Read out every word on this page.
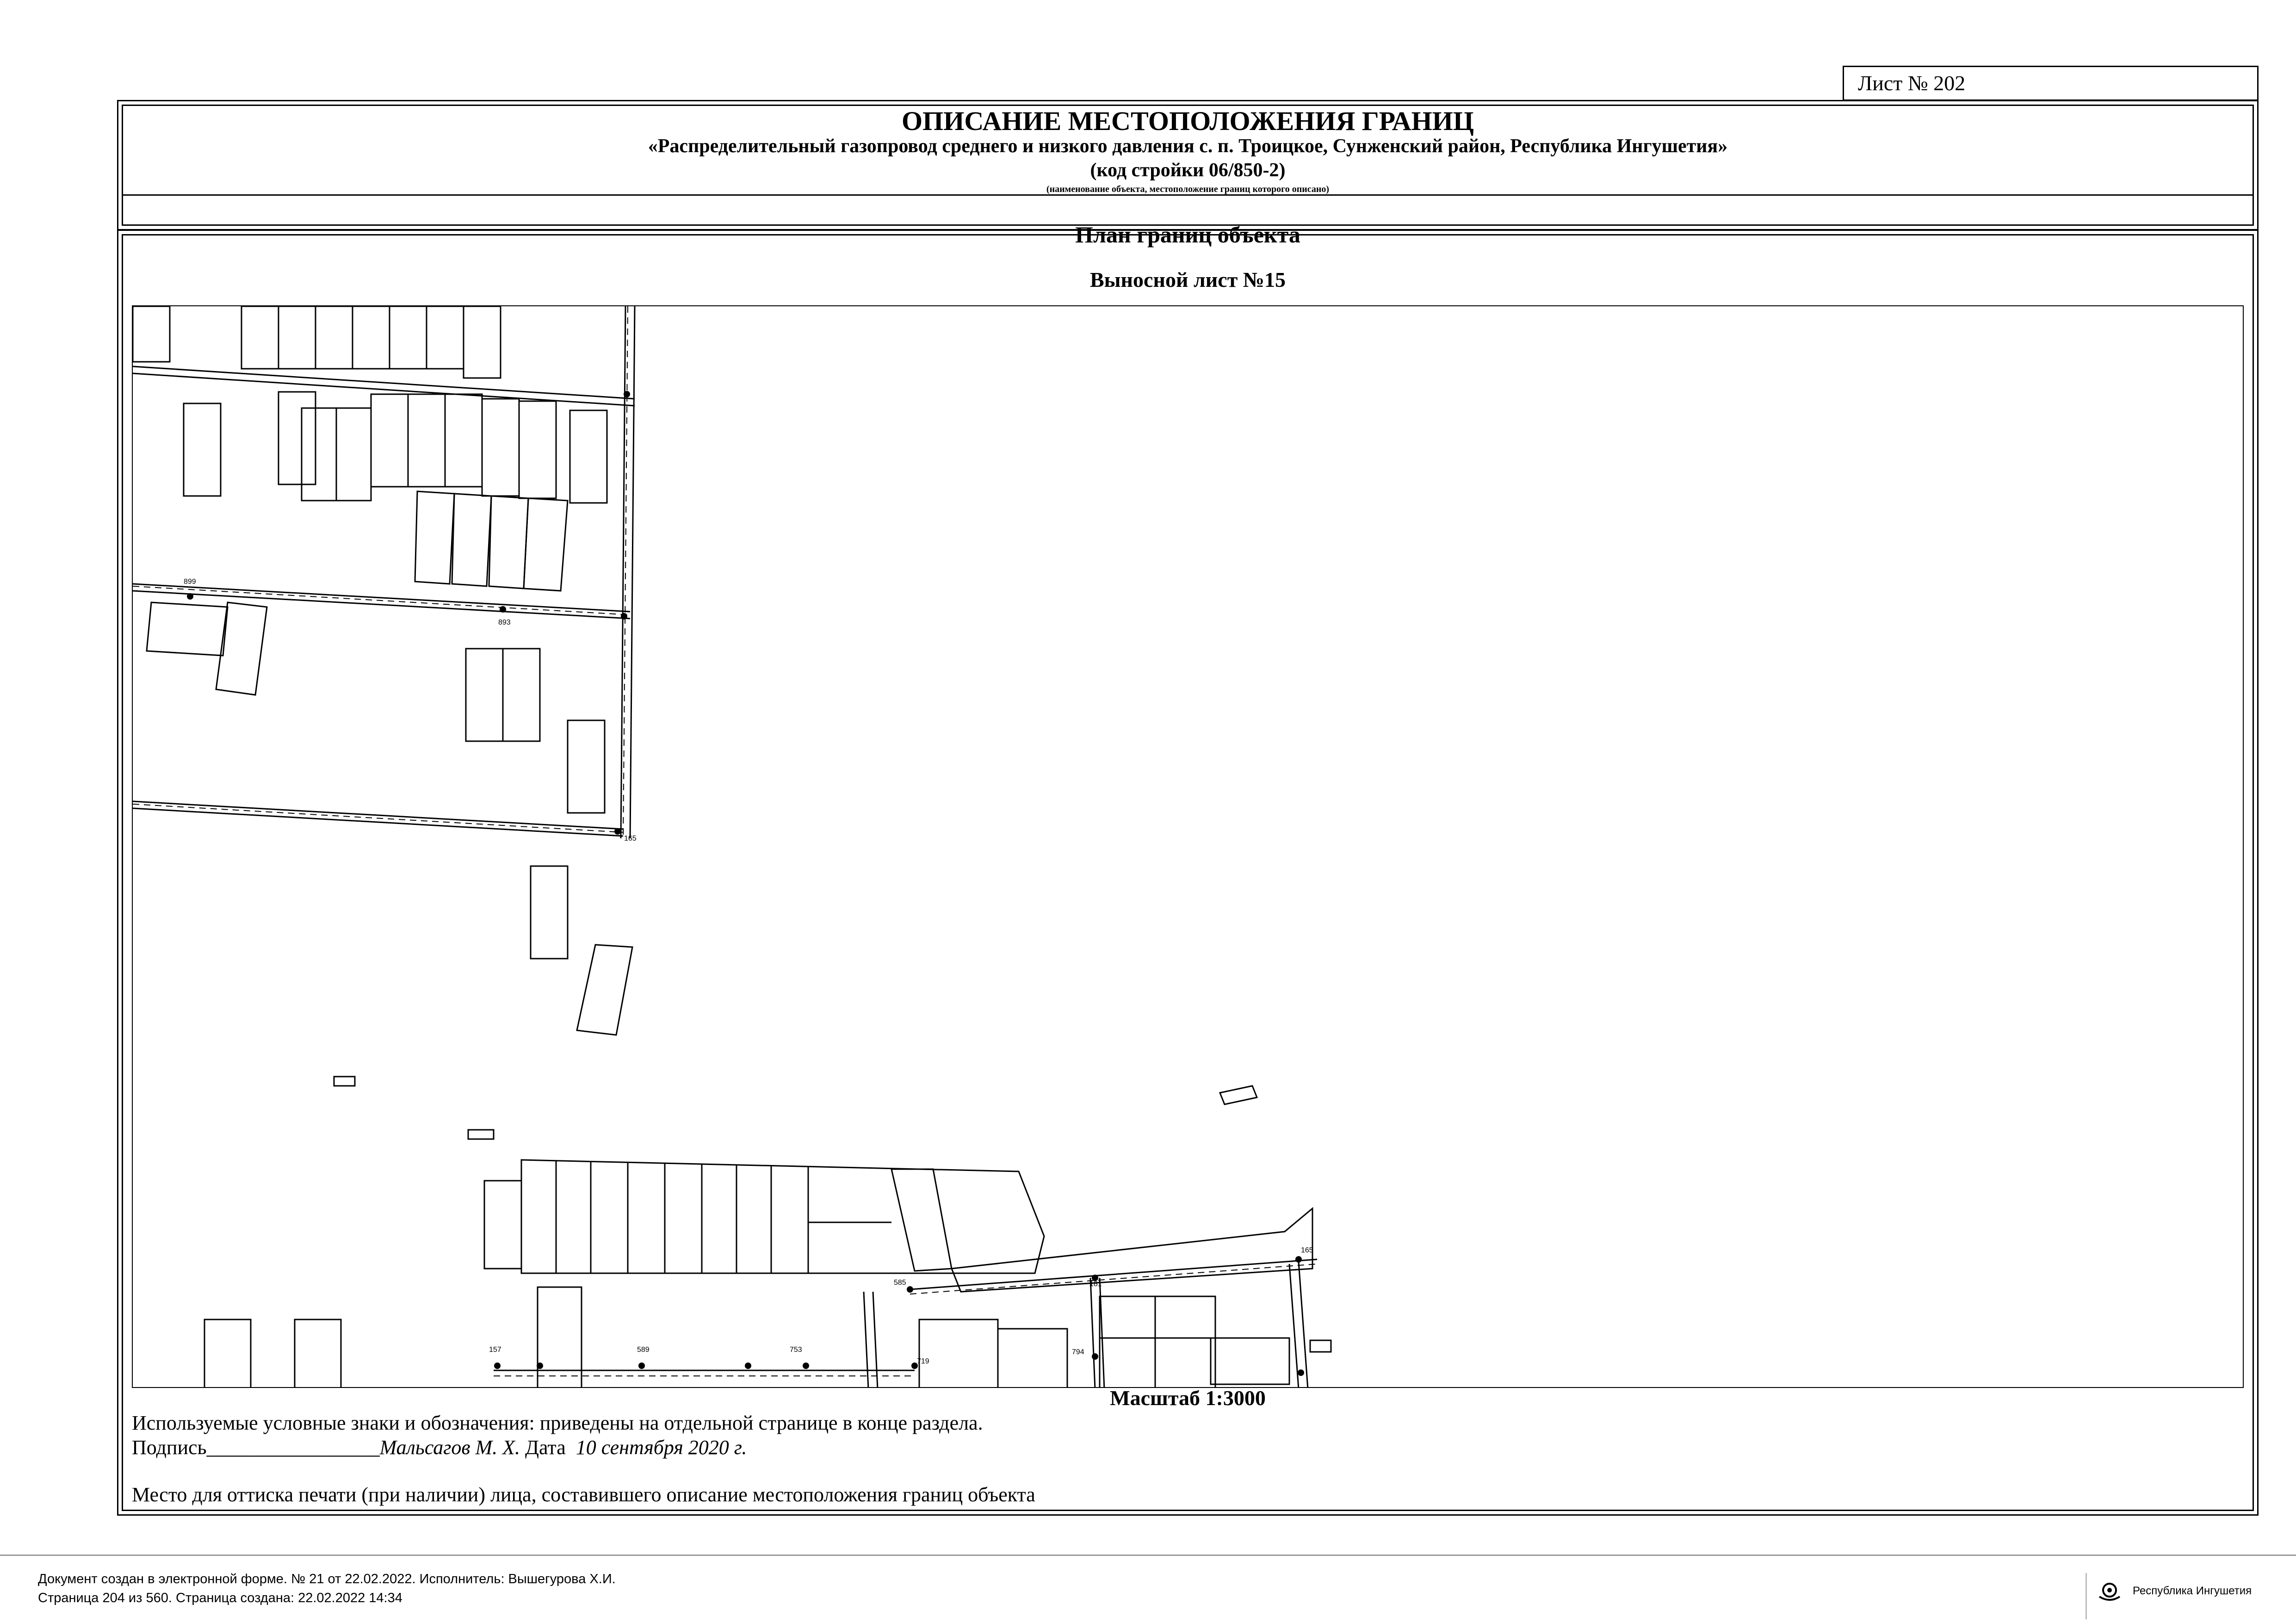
Лист № 202
ОПИСАНИЕ МЕСТОПОЛОЖЕНИЯ ГРАНИЦ
«Распределительный газопровод среднего и низкого давления с. п. Троицкое, Сунженский район, Республика Ингушетия»
(код стройки 06/850-2)
(наименование объекта, местоположение границ которого описано)
План границ объекта
Выносной лист №15
899
893
165
165
181
585
157	589	753
719
794
Масштаб 1:3000
Используемые условные знаки и обозначения: приведены на отдельной странице в конце раздела.
Подпись_________________Мальсагов М. Х. Дата 10 сентября 2020 г.
Место для оттиска печати (при наличии) лица, составившего описание местоположения границ объекта
Документ создан в электронной форме. № 21 от 22.02.2022. Исполнитель: Вышегурова Х.И.
Страница 204 из 560. Страница создана: 22.02.2022 14:34	Республика Ингушетия
